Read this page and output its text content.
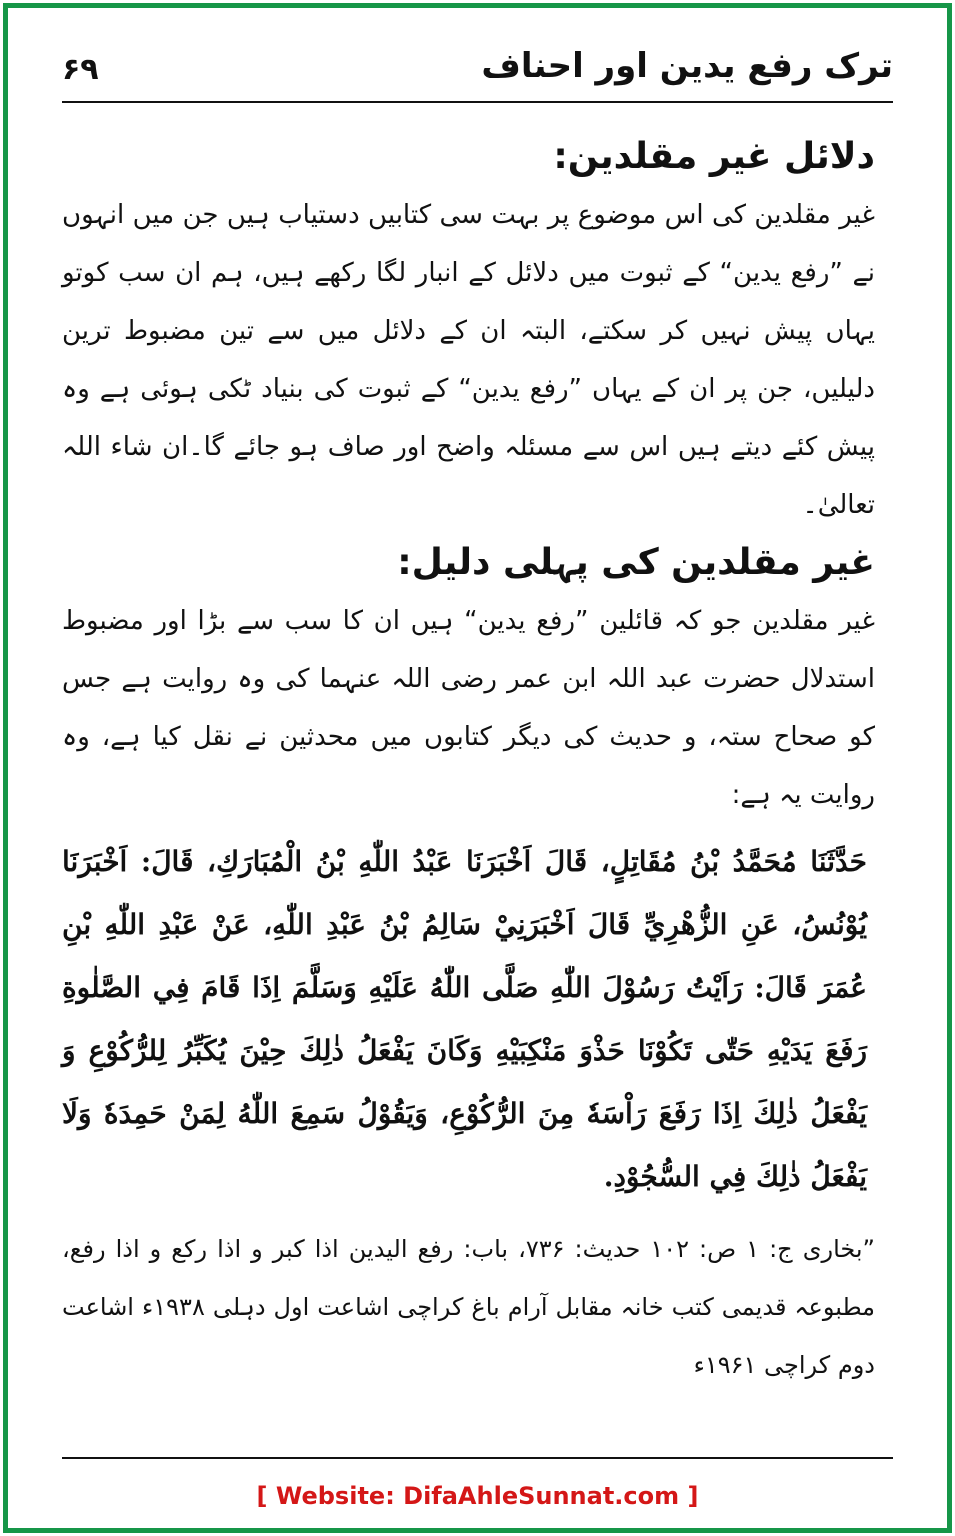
۶۹	ترک رفع یدین اور احناف
دلائل غیر مقلدین:

غیر مقلدین کی اس موضوع پر بہت سی کتابیں دستیاب ہیں جن میں انہوں نے ”رفع یدین“ کے ثبوت میں دلائل کے انبار لگا رکھے ہیں، ہم ان سب کوتو یہاں پیش نہیں کر سکتے، البتہ ان کے دلائل میں سے تین مضبوط ترین دلیلیں، جن پر ان کے یہاں ”رفع یدین“ کے ثبوت کی بنیاد ٹکی ہوئی ہے وہ پیش کئے دیتے ہیں اس سے مسئلہ واضح اور صاف ہو جائے گا۔ان شاء اللہ تعالیٰ۔

غیر مقلدین کی پہلی دلیل:

غیر مقلدین جو کہ قائلین ”رفع یدین“ ہیں ان کا سب سے بڑا اور مضبوط استدلال حضرت عبد اللہ ابن عمر رضی اللہ عنہما کی وہ روایت ہے جس کو صحاح ستہ، و حدیث کی دیگر کتابوں میں محدثین نے نقل کیا ہے، وہ روایت یہ ہے:

حَدَّثَنَا مُحَمَّدُ بْنُ مُقَاتِلٍ، قَالَ اَخْبَرَنَا عَبْدُ اللّٰهِ بْنُ الْمُبَارَكِ، قَالَ: اَخْبَرَنَا يُوْنُسُ، عَنِ الزُّهْرِيِّ قَالَ اَخْبَرَنِيْ سَالِمُ بْنُ عَبْدِ اللّٰهِ، عَنْ عَبْدِ اللّٰهِ بْنِ عُمَرَ قَالَ: رَاَيْتُ رَسُوْلَ اللّٰهِ صَلَّى اللّٰهُ عَلَيْهِ وَسَلَّمَ اِذَا قَامَ فِي الصَّلٰوةِ رَفَعَ يَدَيْهِ حَتّٰى تَكُوْنَا حَذْوَ مَنْكِبَيْهِ وَكَانَ يَفْعَلُ ذٰلِكَ حِيْنَ يُكَبِّرُ لِلرُّكُوْعِ وَ يَفْعَلُ ذٰلِكَ اِذَا رَفَعَ رَاْسَهٗ مِنَ الرُّكُوْعِ، وَيَقُوْلُ سَمِعَ اللّٰهُ لِمَنْ حَمِدَهٗ وَلَا يَفْعَلُ ذٰلِكَ فِي السُّجُوْدِ.

”بخاری ج: ۱ ص: ۱۰۲ حدیث: ۷۳۶، باب: رفع الیدین اذا کبر و اذا رکع و اذا رفع، مطبوعہ قدیمی کتب خانہ مقابل آرام باغ کراچی اشاعت اول دہلی ۱۹۳۸ء اشاعت دوم کراچی ۱۹۶۱ء

[ Website: DifaAhleSunnat.com ]
